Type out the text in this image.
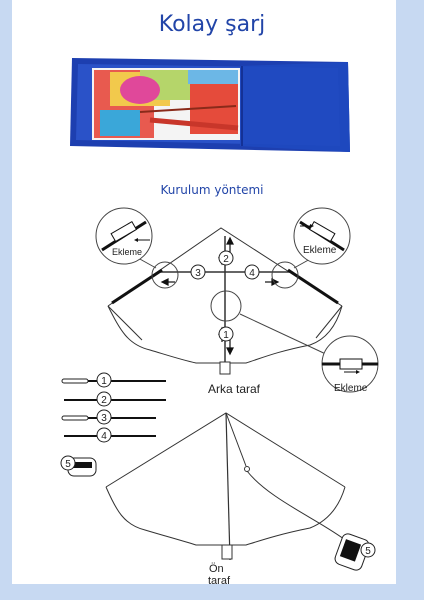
Kolay şarj
Kurulum yöntemi
Ekleme	Ekleme
Ekleme
2
3	4
1
Arka taraf
1
2
3
4
5
5
Ön
taraf
